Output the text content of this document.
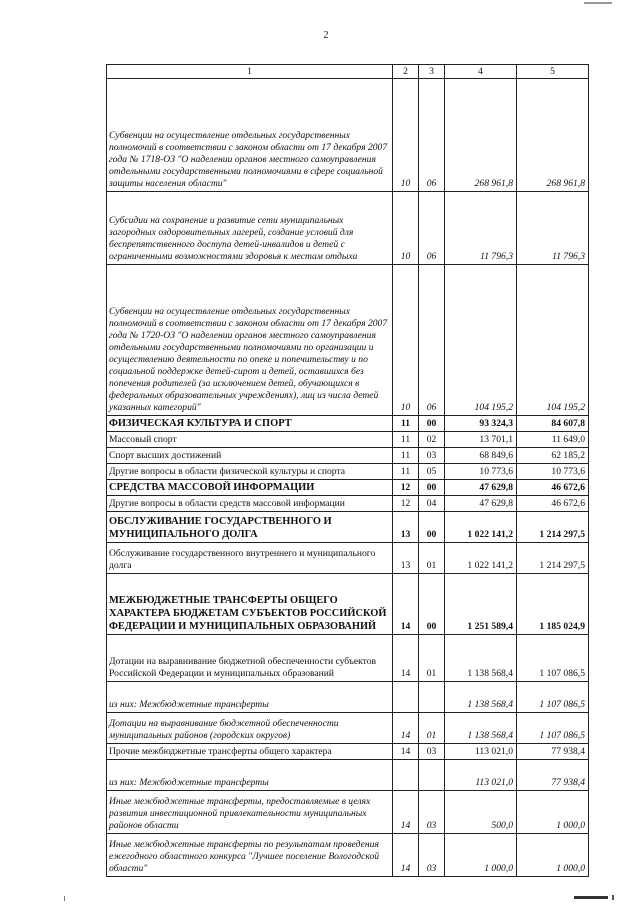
2
1	2	3	4	5
Субвенции на осуществление отдельных государственных полномочий в соответствии с законом области от 17 декабря 2007 года № 1718-ОЗ "О наделении органов местного самоуправления отдельными государственными полномочиями в сфере социальной защиты населения области"	10	06	268 961,8	268 961,8
Субсидии на сохранение и развитие сети муниципальных загородных оздоровительных лагерей, создание условий для беспрепятственного доступа детей-инвалидов и детей с ограниченными возможностями здоровья к местам отдыха	10	06	11 796,3	11 796,3
Субвенции на осуществление отдельных государственных полномочий в соответствии с законом области от 17 декабря 2007 года № 1720-ОЗ "О наделении органов местного самоуправления отдельными государственными полномочиями по организации и осуществлению деятельности по опеке и попечительству и по социальной поддержке детей-сирот и детей, оставшихся без попечения родителей (за исключением детей, обучающихся в федеральных образовательных учреждениях), лиц из числа детей указанных категорий"	10	06	104 195,2	104 195,2
ФИЗИЧЕСКАЯ КУЛЬТУРА И СПОРТ	11	00	93 324,3	84 607,8
Массовый спорт	11	02	13 701,1	11 649,0
Спорт высших достижений	11	03	68 849,6	62 185,2
Другие вопросы в области физической культуры и спорта	11	05	10 773,6	10 773,6
СРЕДСТВА МАССОВОЙ ИНФОРМАЦИИ	12	00	47 629,8	46 672,6
Другие вопросы в области средств массовой информации	12	04	47 629,8	46 672,6
ОБСЛУЖИВАНИЕ ГОСУДАРСТВЕННОГО И МУНИЦИПАЛЬНОГО ДОЛГА	13	00	1 022 141,2	1 214 297,5
Обслуживание государственного внутреннего и муниципального долга	13	01	1 022 141,2	1 214 297,5
МЕЖБЮДЖЕТНЫЕ ТРАНСФЕРТЫ ОБЩЕГО ХАРАКТЕРА БЮДЖЕТАМ СУБЪЕКТОВ РОССИЙСКОЙ ФЕДЕРАЦИИ И МУНИЦИПАЛЬНЫХ ОБРАЗОВАНИЙ	14	00	1 251 589,4	1 185 024,9
Дотации на выравнивание бюджетной обеспеченности субъектов Российской Федерации и муниципальных образований	14	01	1 138 568,4	1 107 086,5
из них: Межбюджетные трансферты			1 138 568,4	1 107 086,5
Дотации на выравнивание бюджетной обеспеченности муниципальных районов (городских округов)	14	01	1 138 568,4	1 107 086,5
Прочие межбюджетные трансферты общего характера	14	03	113 021,0	77 938,4
из них: Межбюджетные трансферты			113 021,0	77 938,4
Иные межбюджетные трансферты, предоставляемые в целях развития инвестиционной привлекательности муниципальных районов области	14	03	500,0	1 000,0
Иные межбюджетные трансферты по результатам проведения ежегодного областного конкурса "Лучшее поселение Вологодской области"	14	03	1 000,0	1 000,0
